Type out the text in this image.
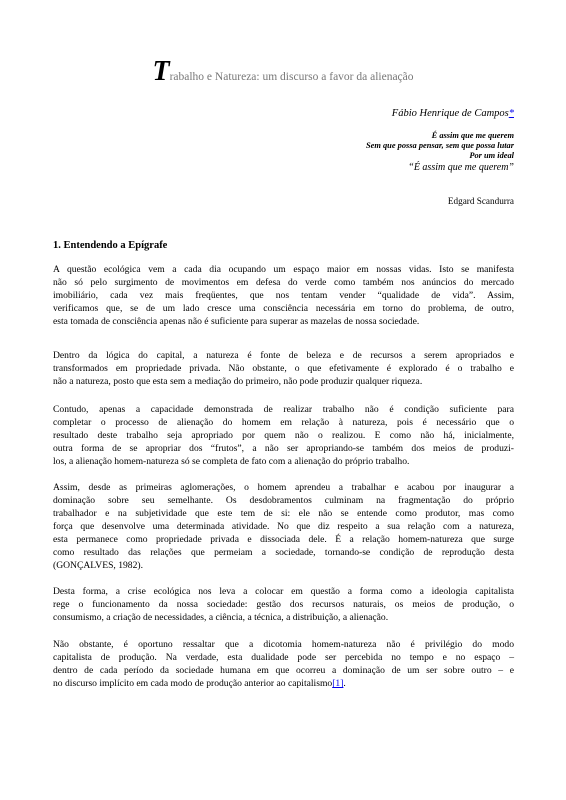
Trabalho e Natureza: um discurso a favor da alienação
Fábio Henrique de Campos*
É assim que me querem
Sem que possa pensar, sem que possa lutar
Por um ideal
“É assim que me querem”
Edgard Scandurra
1. Entendendo a Epígrafe
A questão ecológica vem a cada dia ocupando um espaço maior em nossas vidas. Isto se manifesta
não só pelo surgimento de movimentos em defesa do verde como também nos anúncios do mercado
imobiliário, cada vez mais freqüentes, que nos tentam vender “qualidade de vida”. Assim,
verificamos que, se de um lado cresce uma consciência necessária em torno do problema, de outro,
esta tomada de consciência apenas não é suficiente para superar as mazelas de nossa sociedade.
Dentro da lógica do capital, a natureza é fonte de beleza e de recursos a serem apropriados e
transformados em propriedade privada. Não obstante, o que efetivamente é explorado é o trabalho e
não a natureza, posto que esta sem a mediação do primeiro, não pode produzir qualquer riqueza.
Contudo, apenas a capacidade demonstrada de realizar trabalho não é condição suficiente para
completar o processo de alienação do homem em relação à natureza, pois é necessário que o
resultado deste trabalho seja apropriado por quem não o realizou. E como não há, inicialmente,
outra forma de se apropriar dos “frutos”, a não ser apropriando-se também dos meios de produzi-
los, a alienação homem-natureza só se completa de fato com a alienação do próprio trabalho.
Assim, desde as primeiras aglomerações, o homem aprendeu a trabalhar e acabou por inaugurar a
dominação sobre seu semelhante. Os desdobramentos culminam na fragmentação do próprio
trabalhador e na subjetividade que este tem de si: ele não se entende como produtor, mas como
força que desenvolve uma determinada atividade. No que diz respeito a sua relação com a natureza,
esta permanece como propriedade privada e dissociada dele. É a relação homem-natureza que surge
como resultado das relações que permeiam a sociedade, tornando-se condição de reprodução desta
(GONÇALVES, 1982).
Desta forma, a crise ecológica nos leva a colocar em questão a forma como a ideologia capitalista
rege o funcionamento da nossa sociedade: gestão dos recursos naturais, os meios de produção, o
consumismo, a criação de necessidades, a ciência, a técnica, a distribuição, a alienação.
Não obstante, é oportuno ressaltar que a dicotomia homem-natureza não é privilégio do modo
capitalista de produção. Na verdade, esta dualidade pode ser percebida no tempo e no espaço –
dentro de cada período da sociedade humana em que ocorreu a dominação de um ser sobre outro – e
no discurso implícito em cada modo de produção anterior ao capitalismo[1].
